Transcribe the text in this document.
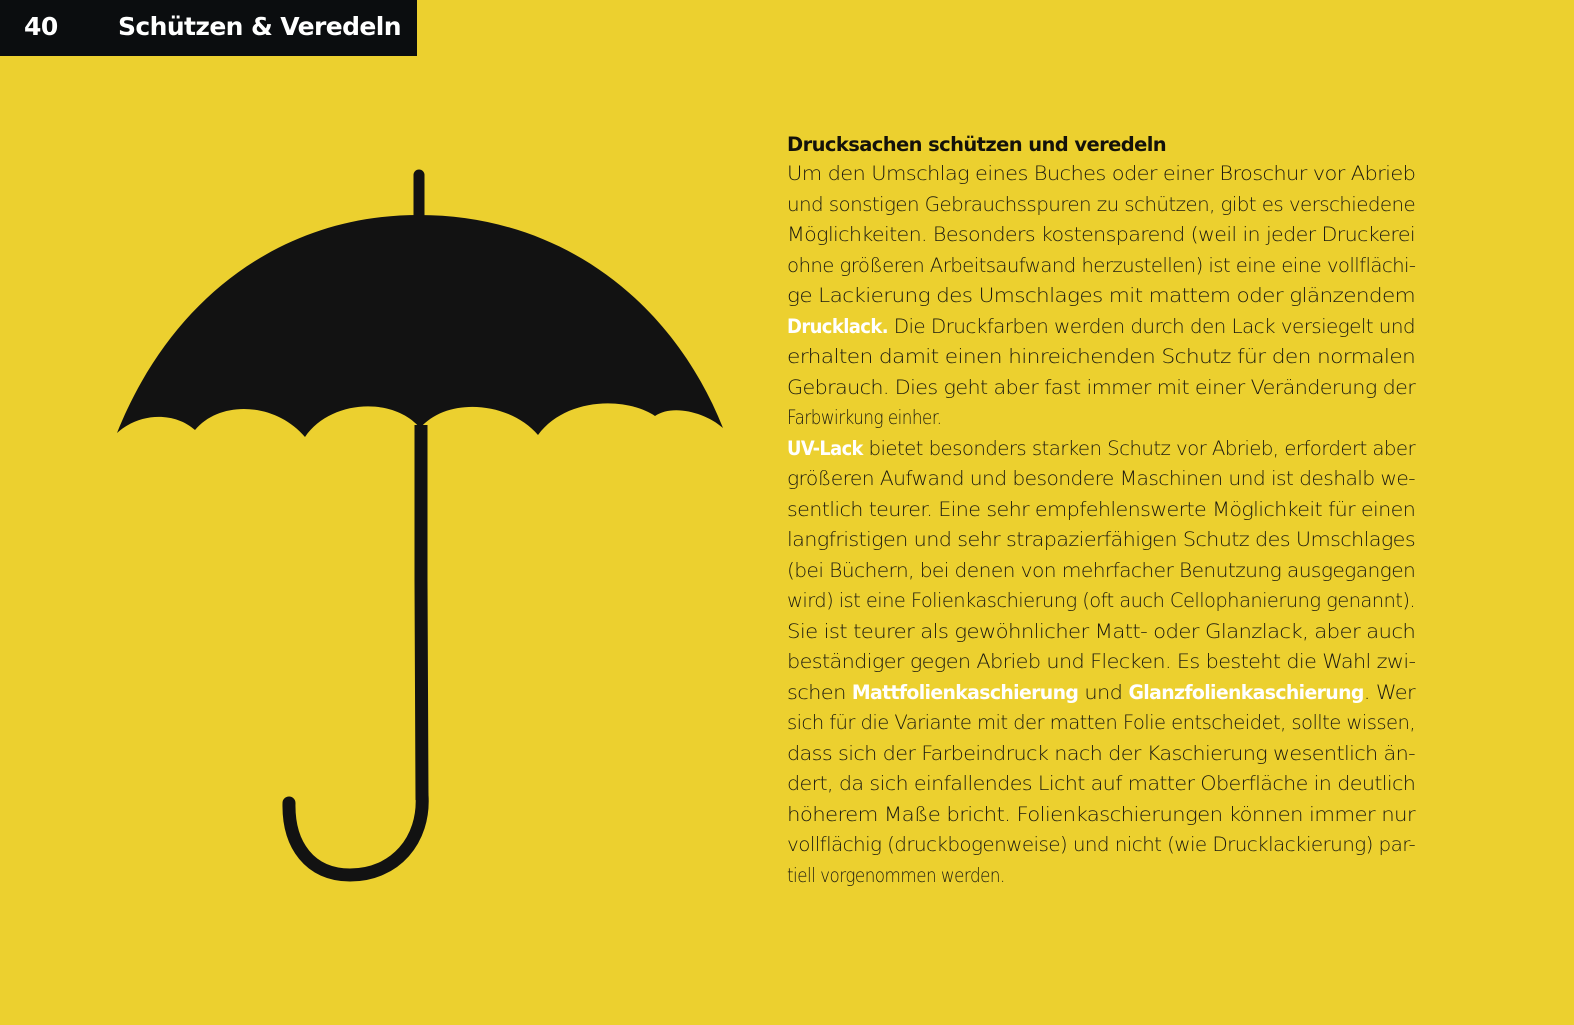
40 Schützen & Veredeln
Drucksachen schützen und veredeln
Um den Umschlag eines Buches oder einer Broschur vor Abrieb
und sonstigen Gebrauchsspuren zu schützen, gibt es verschiedene
Möglichkeiten. Besonders kostensparend (weil in jeder Druckerei
ohne größeren Arbeitsaufwand herzustellen) ist eine eine vollflächi-
ge Lackierung des Umschlages mit mattem oder glänzendem
Drucklack. Die Druckfarben werden durch den Lack versiegelt und
erhalten damit einen hinreichenden Schutz für den normalen
Gebrauch. Dies geht aber fast immer mit einer Veränderung der
Farbwirkung einher.
UV-Lack bietet besonders starken Schutz vor Abrieb, erfordert aber
größeren Aufwand und besondere Maschinen und ist deshalb we-
sentlich teurer. Eine sehr empfehlenswerte Möglichkeit für einen
langfristigen und sehr strapazierfähigen Schutz des Umschlages
(bei Büchern, bei denen von mehrfacher Benutzung ausgegangen
wird) ist eine Folienkaschierung (oft auch Cellophanierung genannt).
Sie ist teurer als gewöhnlicher Matt- oder Glanzlack, aber auch
beständiger gegen Abrieb und Flecken. Es besteht die Wahl zwi-
schen Mattfolienkaschierung und Glanzfolienkaschierung. Wer
sich für die Variante mit der matten Folie entscheidet, sollte wissen,
dass sich der Farbeindruck nach der Kaschierung wesentlich än-
dert, da sich einfallendes Licht auf matter Oberfläche in deutlich
höherem Maße bricht. Folienkaschierungen können immer nur
vollflächig (druckbogenweise) und nicht (wie Drucklackierung) par-
tiell vorgenommen werden.
